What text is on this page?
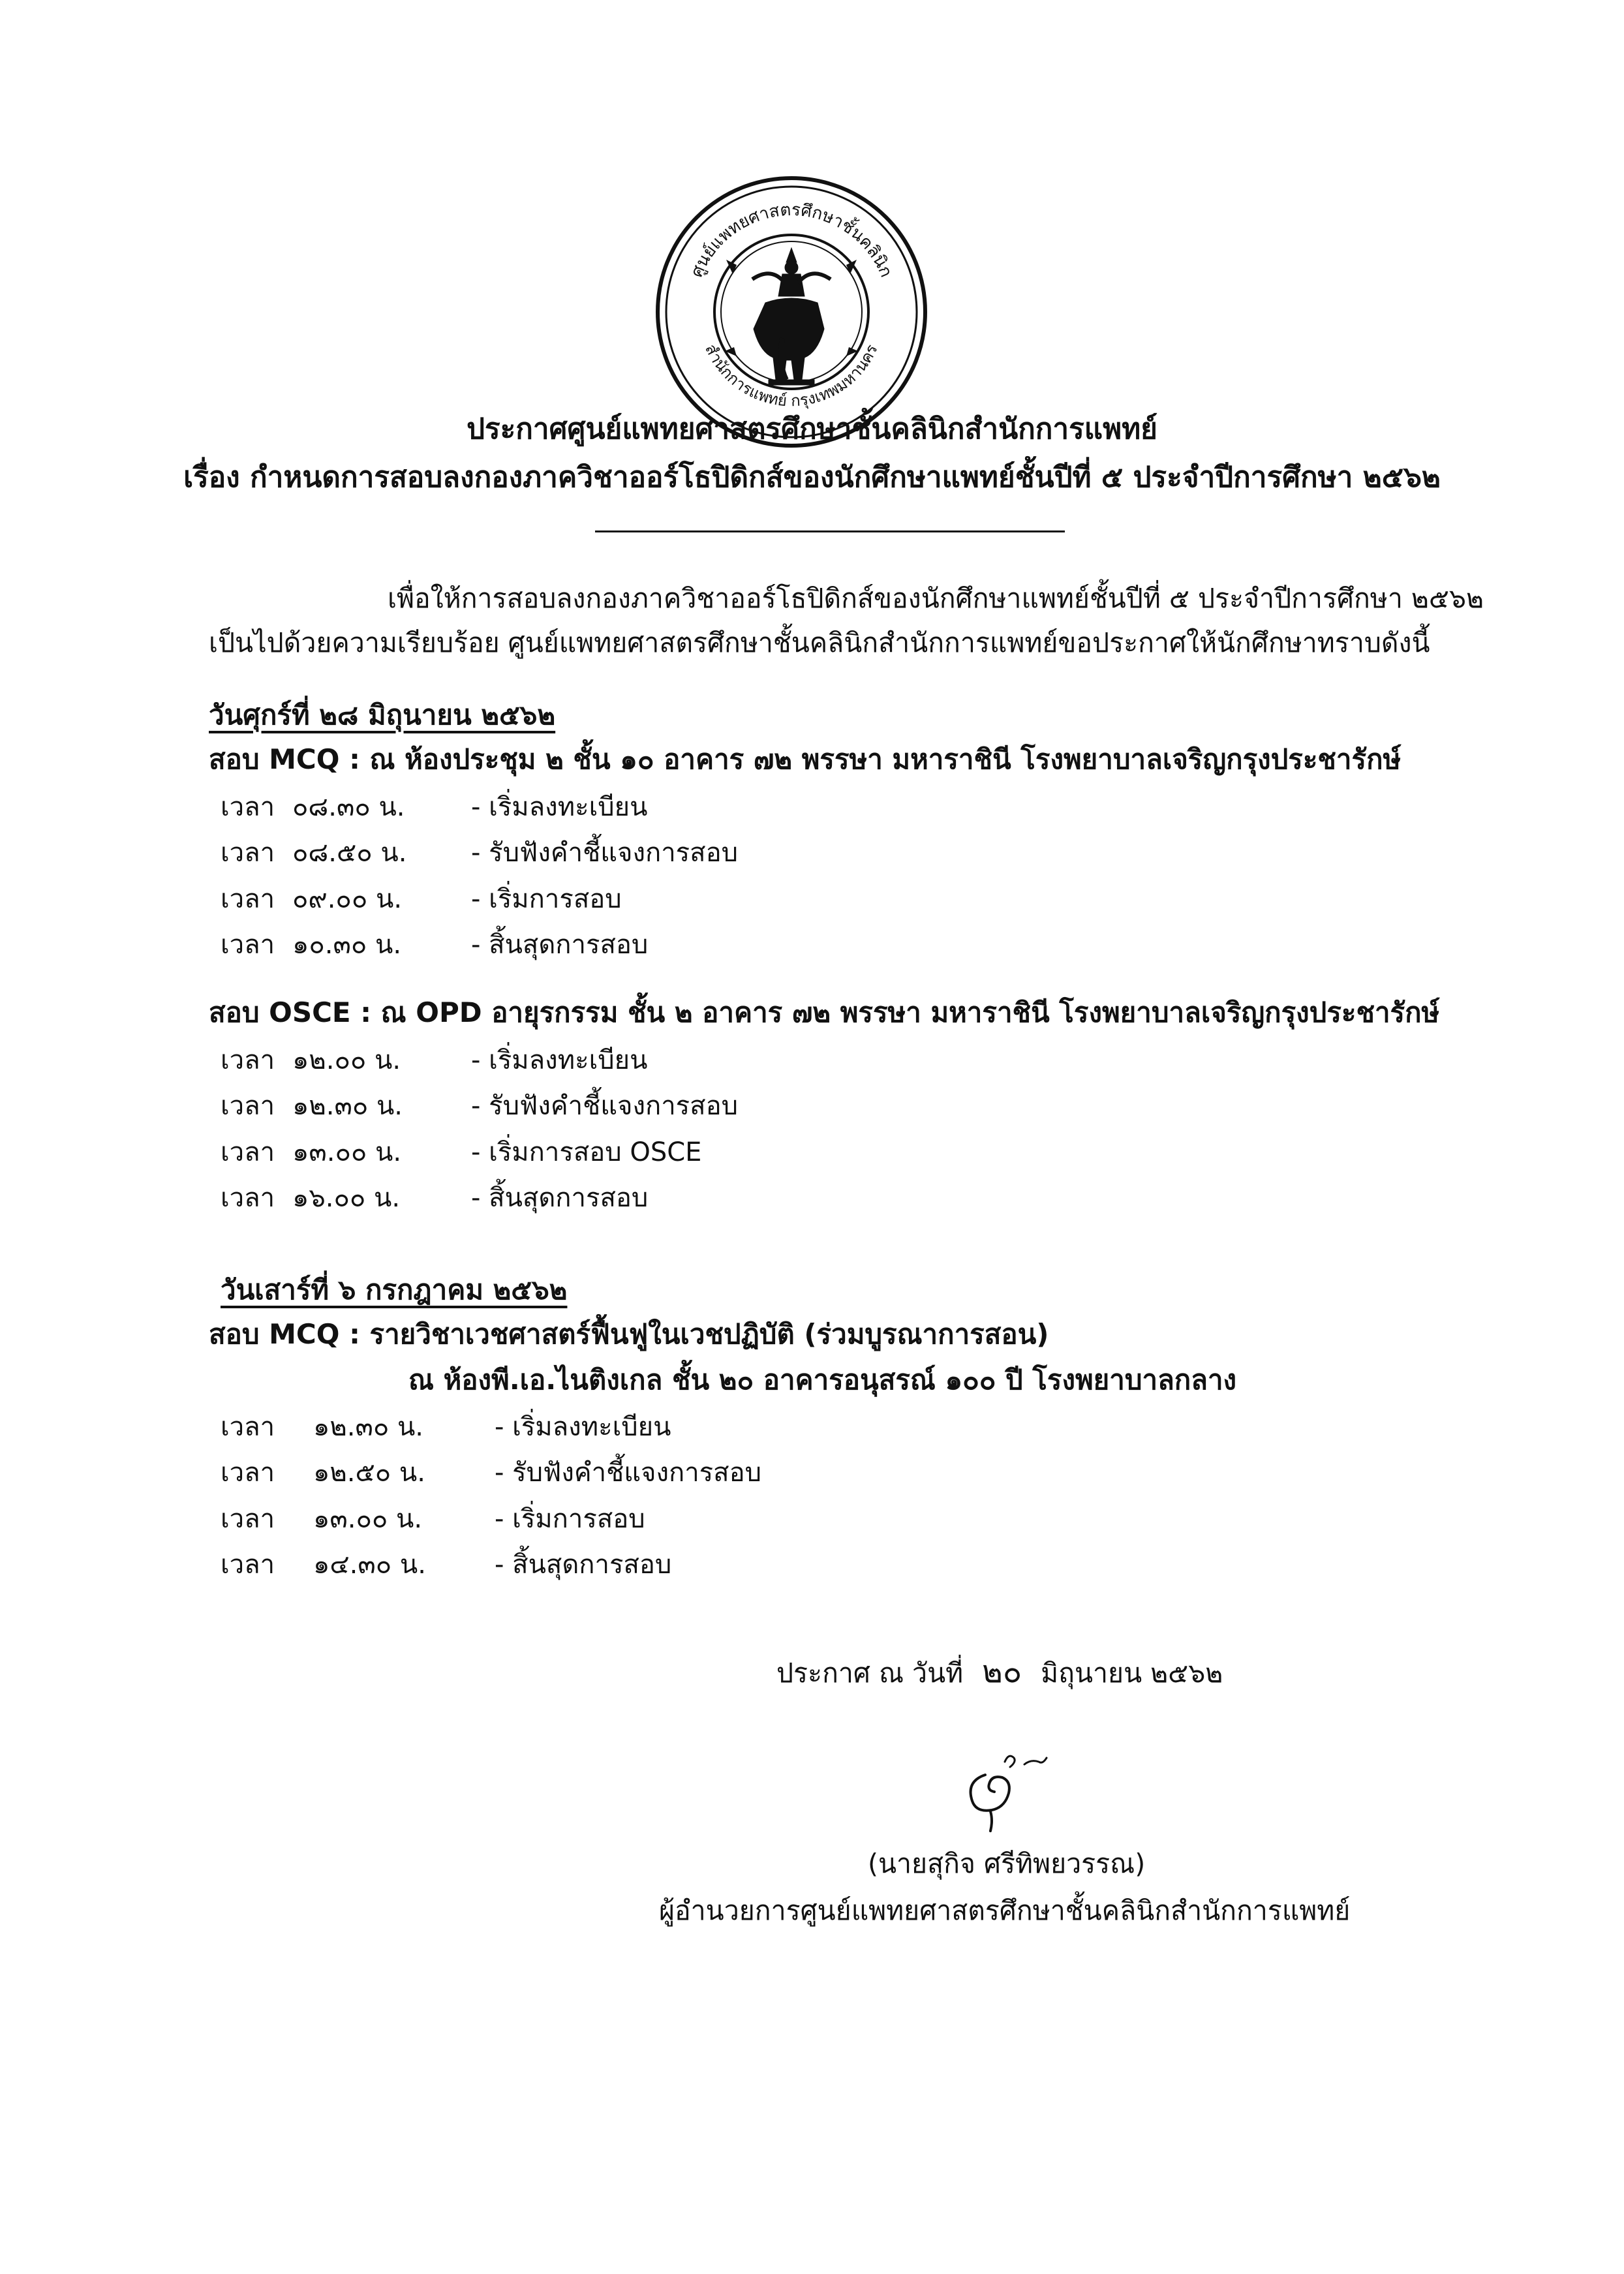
ศูนย์แพทยศาสตรศึกษาชั้นคลินิก
สำนักการแพทย์ กรุงเทพมหานคร
ประกาศศูนย์แพทยศาสตรศึกษาชั้นคลินิกสำนักการแพทย์
เรื่อง กำหนดการสอบลงกองภาควิชาออร์โธปิดิกส์ของนักศึกษาแพทย์ชั้นปีที่ ๕ ประจำปีการศึกษา ๒๕๖๒
เพื่อให้การสอบลงกองภาควิชาออร์โธปิดิกส์ของนักศึกษาแพทย์ชั้นปีที่ ๕ ประจำปีการศึกษา ๒๕๖๒
เป็นไปด้วยความเรียบร้อย ศูนย์แพทยศาสตรศึกษาชั้นคลินิกสำนักการแพทย์ขอประกาศให้นักศึกษาทราบดังนี้
วันศุกร์ที่ ๒๘ มิถุนายน ๒๕๖๒
สอบ MCQ : ณ ห้องประชุม ๒ ชั้น ๑๐ อาคาร ๗๒ พรรษา มหาราชินี โรงพยาบาลเจริญกรุงประชารักษ์
เวลา ๐๘.๓๐ น.	- เริ่มลงทะเบียน
เวลา ๐๘.๕๐ น. - รับฟังคำชี้แจงการสอบ
เวลา ๐๙.๐๐ น.	- เริ่มการสอบ
เวลา ๑๐.๓๐ น.	- สิ้นสุดการสอบ
สอบ OSCE : ณ OPD อายุรกรรม ชั้น ๒ อาคาร ๗๒ พรรษา มหาราชินี โรงพยาบาลเจริญกรุงประชารักษ์
เวลา ๑๒.๐๐ น.	- เริ่มลงทะเบียน
เวลา ๑๒.๓๐ น.	- รับฟังคำชี้แจงการสอบ
เวลา ๑๓.๐๐ น.	- เริ่มการสอบ OSCE
เวลา ๑๖.๐๐ น.	- สิ้นสุดการสอบ
วันเสาร์ที่ ๖ กรกฎาคม ๒๕๖๒
สอบ MCQ : รายวิชาเวชศาสตร์ฟื้นฟูในเวชปฏิบัติ (ร่วมบูรณาการสอน)
ณ ห้องพี.เอ.ไนติงเกล ชั้น ๒๐ อาคารอนุสรณ์ ๑๐๐ ปี โรงพยาบาลกลาง
เวลา ๑๒.๓๐ น.	- เริ่มลงทะเบียน
เวลา ๑๒.๕๐ น.	- รับฟังคำชี้แจงการสอบ
เวลา ๑๓.๐๐ น.	- เริ่มการสอบ
เวลา ๑๔.๓๐ น.	- สิ้นสุดการสอบ
ประกาศ ณ วันที่ ๒๐ มิถุนายน ๒๕๖๒
(นายสุกิจ ศรีทิพยวรรณ)
ผู้อำนวยการศูนย์แพทยศาสตรศึกษาชั้นคลินิกสำนักการแพทย์
